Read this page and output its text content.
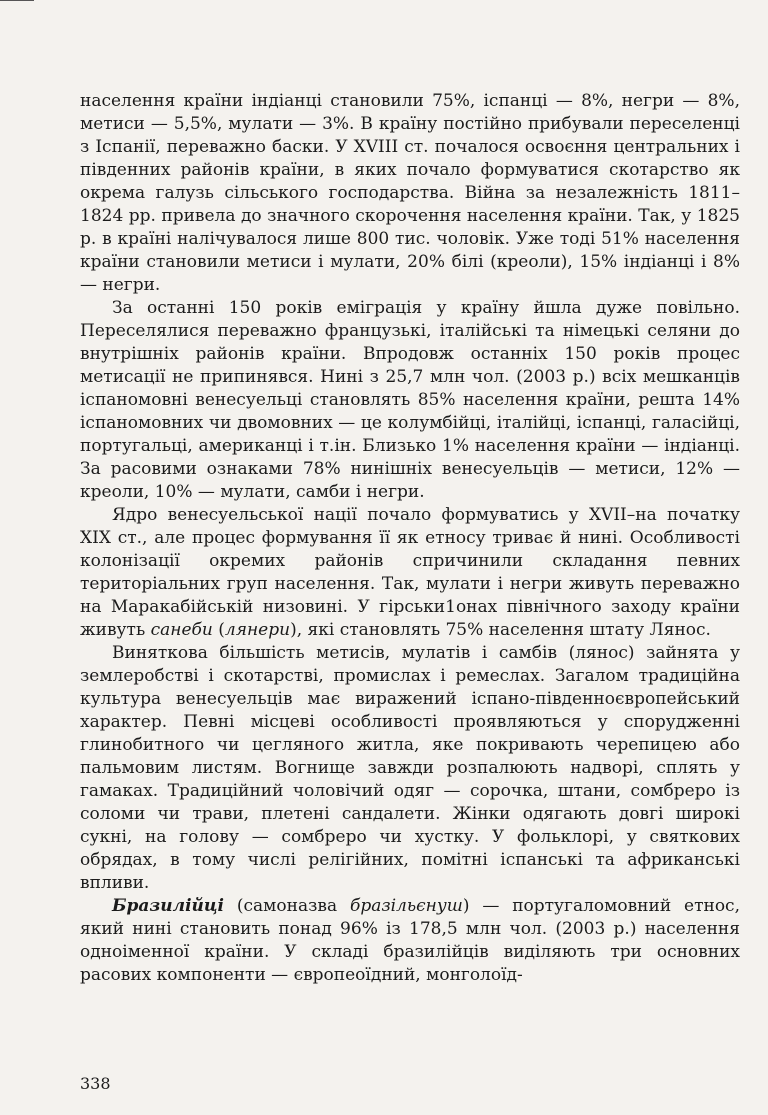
населення країни індіанці становили 75%, іспанці — 8%, негри — 8%, метиси — 5,5%, мулати — 3%. В країну постійно прибували переселенці з Іспанії, переважно баски. У XVIII ст. почалося освоєння центральних і південних районів країни, в яких почало формуватися скотарство як окрема галузь сільського господарства. Війна за незалежність 1811–1824 рр. привела до значного скорочення населення країни. Так, у 1825 р. в країні налічувалося лише 800 тис. чоловік. Уже тоді 51% населення країни становили метиси і мулати, 20% білі (креоли), 15% індіанці і 8% — негри.

За останні 150 років еміграція у країну йшла дуже повільно. Переселялися переважно французькі, італійські та німецькі селяни до внутрішніх районів країни. Впродовж останніх 150 років процес метисації не припинявся. Нині з 25,7 млн чол. (2003 р.) всіх мешканців іспаномовні венесуельці становлять 85% населення країни, решта 14% іспаномовних чи двомовних — це колумбійці, італійці, іспанці, галасійці, португальці, американці і т.ін. Близько 1% населення країни — індіанці. За расовими ознаками 78% нинішніх венесуельців — метиси, 12% — креоли, 10% — мулати, самби і негри.

Ядро венесуельської нації почало формуватись у XVII–на початку XIX ст., але процес формування її як етносу триває й нині. Особливості колонізації окремих районів спричинили складання певних територіальних груп населення. Так, мулати і негри живуть переважно на Маракабійській низовині. У гірськи1онах північного заходу країни живуть санеби (лянери), які становлять 75% населення штату Лянос.

Виняткова більшість метисів, мулатів і самбів (лянос) зайнята у землеробстві і скотарстві, промислах і ремеслах. Загалом традиційна культура венесуельців має виражений іспано-південноєвропейський характер. Певні місцеві особливості проявляються у спорудженні глинобитного чи цегляного житла, яке покривають черепицею або пальмовим листям. Вогнище завжди розпалюють надворі, сплять у гамаках. Традиційний чоловічий одяг — сорочка, штани, сомбреро із соломи чи трави, плетені сандалети. Жінки одягають довгі широкі сукні, на голову — сомбреро чи хустку. У фольклорі, у святкових обрядах, в тому числі релігійних, помітні іспанські та африканські впливи.

Бразилійці (самоназва бразільєнуш) — португаломовний етнос, який нині становить понад 96% із 178,5 млн чол. (2003 р.) населення одноіменної країни. У складі бразилійців виділяють три основних расових компоненти — європеоїдний, монголоїд-

338
